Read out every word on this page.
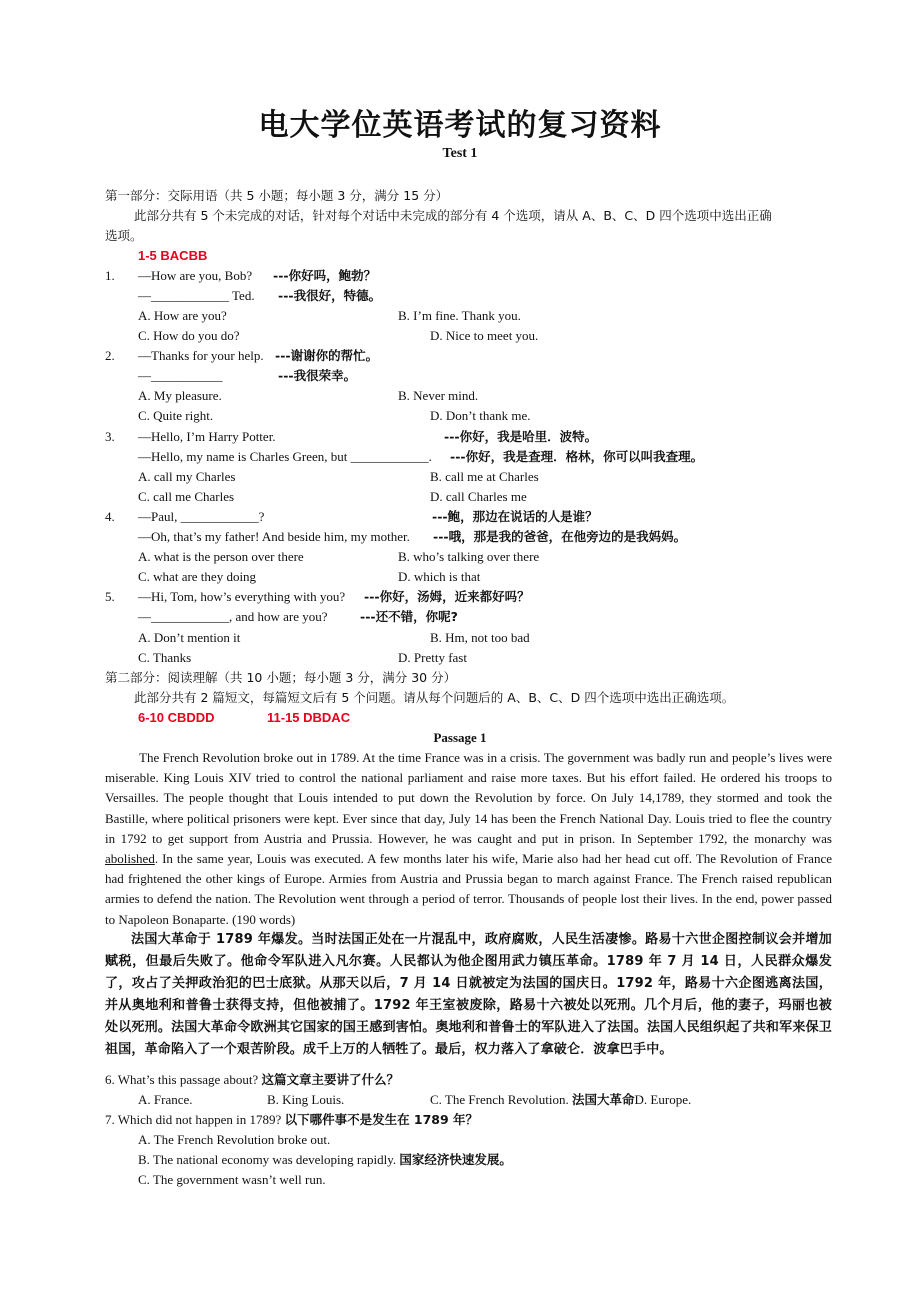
电大学位英语考试的复习资料
Test 1
第一部分：交际用语（共 5 小题；每小题 3 分，满分 15 分）
此部分共有 5 个未完成的对话，针对每个对话中未完成的部分有 4 个选项，请从 A、B、C、D 四个选项中选出正确
选项。
1-5 BACBB
1. —How are you, Bob? ---你好吗，鲍勃？
—____________ Ted. ---我很好，特德。
A. How are you?	B. I’m fine. Thank you.
C. How do you do?	D. Nice to meet you.
2. —Thanks for your help. ---谢谢你的帮忙。
—___________	---我很荣幸。
A. My pleasure.	B. Never mind.
C. Quite right.	D. Don’t thank me.
3. —Hello, I’m Harry Potter.	---你好，我是哈里．波特。
—Hello, my name is Charles Green, but ____________. ---你好，我是查理．格林，你可以叫我查理。
A. call my Charles	B. call me at Charles
C. call me Charles	D. call Charles me
4. —Paul, ____________?	---鲍，那边在说话的人是谁？
—Oh, that’s my father! And beside him, my mother. ---哦，那是我的爸爸，在他旁边的是我妈妈。
A. what is the person over there	B. who’s talking over there
C. what are they doing	D. which is that
5. —Hi, Tom, how’s everything with you? ---你好，汤姆，近来都好吗？
—____________, and how are you?	---还不错，你呢?
A. Don’t mention it	B. Hm, not too bad
C. Thanks	D. Pretty fast
第二部分：阅读理解（共 10 小题；每小题 3 分，满分 30 分）
此部分共有 2 篇短文，每篇短文后有 5 个问题。请从每个问题后的 A、B、C、D 四个选项中选出正确选项。
6-10 CBDDD	11-15 DBDAC
Passage 1
The French Revolution broke out in 1789. At the time France was in a crisis. The government was badly run and people’s lives were miserable. King Louis XIV tried to control the national parliament and raise more taxes. But his effort failed. He ordered his troops to Versailles. The people thought that Louis intended to put down the Revolution by force. On July 14,1789, they stormed and took the Bastille, where political prisoners were kept. Ever since that day, July 14 has been the French National Day. Louis tried to flee the country in 1792 to get support from Austria and Prussia. However, he was caught and put in prison. In September 1792, the monarchy was abolished. In the same year, Louis was executed. A few months later his wife, Marie also had her head cut off. The Revolution of France had frightened the other kings of Europe. Armies from Austria and Prussia began to march against France. The French raised republican armies to defend the nation. The Revolution went through a period of terror. Thousands of people lost their lives. In the end, power passed to Napoleon Bonaparte. (190 words)
法国大革命于 1789 年爆发。当时法国正处在一片混乱中，政府腐败，人民生活凄惨。路易十六世企图控制议会并增加赋税，但最后失败了。他命令军队进入凡尔赛。人民都认为他企图用武力镇压革命。1789 年 7 月 14 日，人民群众爆发了，攻占了关押政治犯的巴士底狱。从那天以后，7 月 14 日就被定为法国的国庆日。1792 年，路易十六企图逃离法国，并从奥地利和普鲁士获得支持，但他被捕了。1792 年王室被废除，路易十六被处以死刑。几个月后，他的妻子，玛丽也被处以死刑。法国大革命令欧洲其它国家的国王感到害怕。奥地利和普鲁士的军队进入了法国。法国人民组织起了共和军来保卫祖国，革命陷入了一个艰苦阶段。成千上万的人牺牲了。最后，权力落入了拿破仑．波拿巴手中。
6. What’s this passage about? 这篇文章主要讲了什么？
A. France.	B. King Louis.	C. The French Revolution. 法国大革命D. Europe.
7. Which did not happen in 1789? 以下哪件事不是发生在 1789 年？
A. The French Revolution broke out.
B. The national economy was developing rapidly. 国家经济快速发展。
C. The government wasn’t well run.
